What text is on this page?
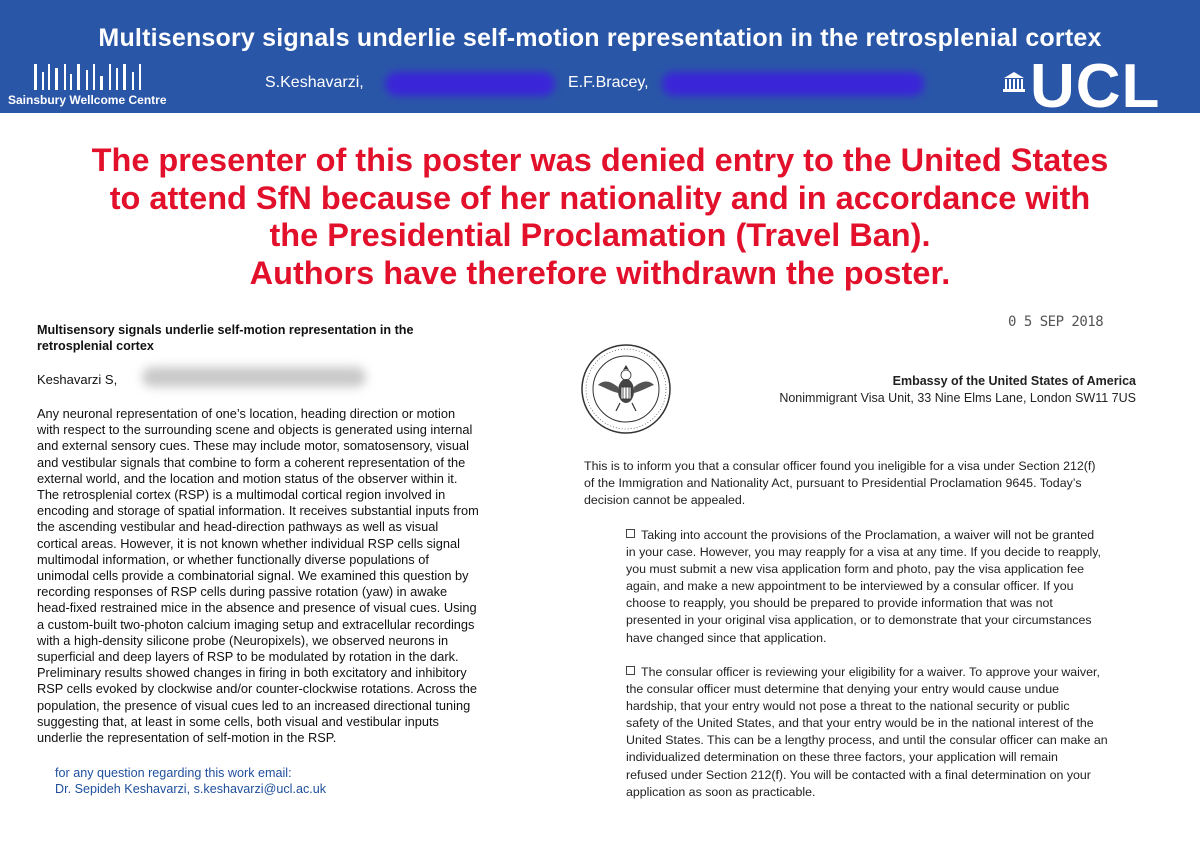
Multisensory signals underlie self-motion representation in the retrosplenial cortex
Sainsbury Wellcome Centre
S.Keshavarzi,	E.F.Bracey,	UCL
The presenter of this poster was denied entry to the United States
to attend SfN because of her nationality and in accordance with
the Presidential Proclamation (Travel Ban).
Authors have therefore withdrawn the poster.
Multisensory signals underlie self-motion representation in the
retrosplenial cortex
Keshavarzi S,
Any neuronal representation of one’s location, heading direction or motion
with respect to the surrounding scene and objects is generated using internal
and external sensory cues. These may include motor, somatosensory, visual
and vestibular signals that combine to form a coherent representation of the
external world, and the location and motion status of the observer within it.
The retrosplenial cortex (RSP) is a multimodal cortical region involved in
encoding and storage of spatial information. It receives substantial inputs from
the ascending vestibular and head-direction pathways as well as visual
cortical areas. However, it is not known whether individual RSP cells signal
multimodal information, or whether functionally diverse populations of
unimodal cells provide a combinatorial signal. We examined this question by
recording responses of RSP cells during passive rotation (yaw) in awake
head-fixed restrained mice in the absence and presence of visual cues. Using
a custom-built two-photon calcium imaging setup and extracellular recordings
with a high-density silicone probe (Neuropixels), we observed neurons in
superficial and deep layers of RSP to be modulated by rotation in the dark.
Preliminary results showed changes in firing in both excitatory and inhibitory
RSP cells evoked by clockwise and/or counter-clockwise rotations. Across the
population, the presence of visual cues led to an increased directional tuning
suggesting that, at least in some cells, both visual and vestibular inputs
underlie the representation of self-motion in the RSP.
for any question regarding this work email:
Dr. Sepideh Keshavarzi, s.keshavarzi@ucl.ac.uk
0 5 SEP 2018
Embassy of the United States of America
Nonimmigrant Visa Unit, 33 Nine Elms Lane, London SW11 7US
This is to inform you that a consular officer found you ineligible for a visa under Section 212(f)
of the Immigration and Nationality Act, pursuant to Presidential Proclamation 9645. Today’s
decision cannot be appealed.
Taking into account the provisions of the Proclamation, a waiver will not be granted
in your case. However, you may reapply for a visa at any time. If you decide to reapply,
you must submit a new visa application form and photo, pay the visa application fee
again, and make a new appointment to be interviewed by a consular officer. If you
choose to reapply, you should be prepared to provide information that was not
presented in your original visa application, or to demonstrate that your circumstances
have changed since that application.
The consular officer is reviewing your eligibility for a waiver. To approve your waiver,
the consular officer must determine that denying your entry would cause undue
hardship, that your entry would not pose a threat to the national security or public
safety of the United States, and that your entry would be in the national interest of the
United States. This can be a lengthy process, and until the consular officer can make an
individualized determination on these three factors, your application will remain
refused under Section 212(f). You will be contacted with a final determination on your
application as soon as practicable.
